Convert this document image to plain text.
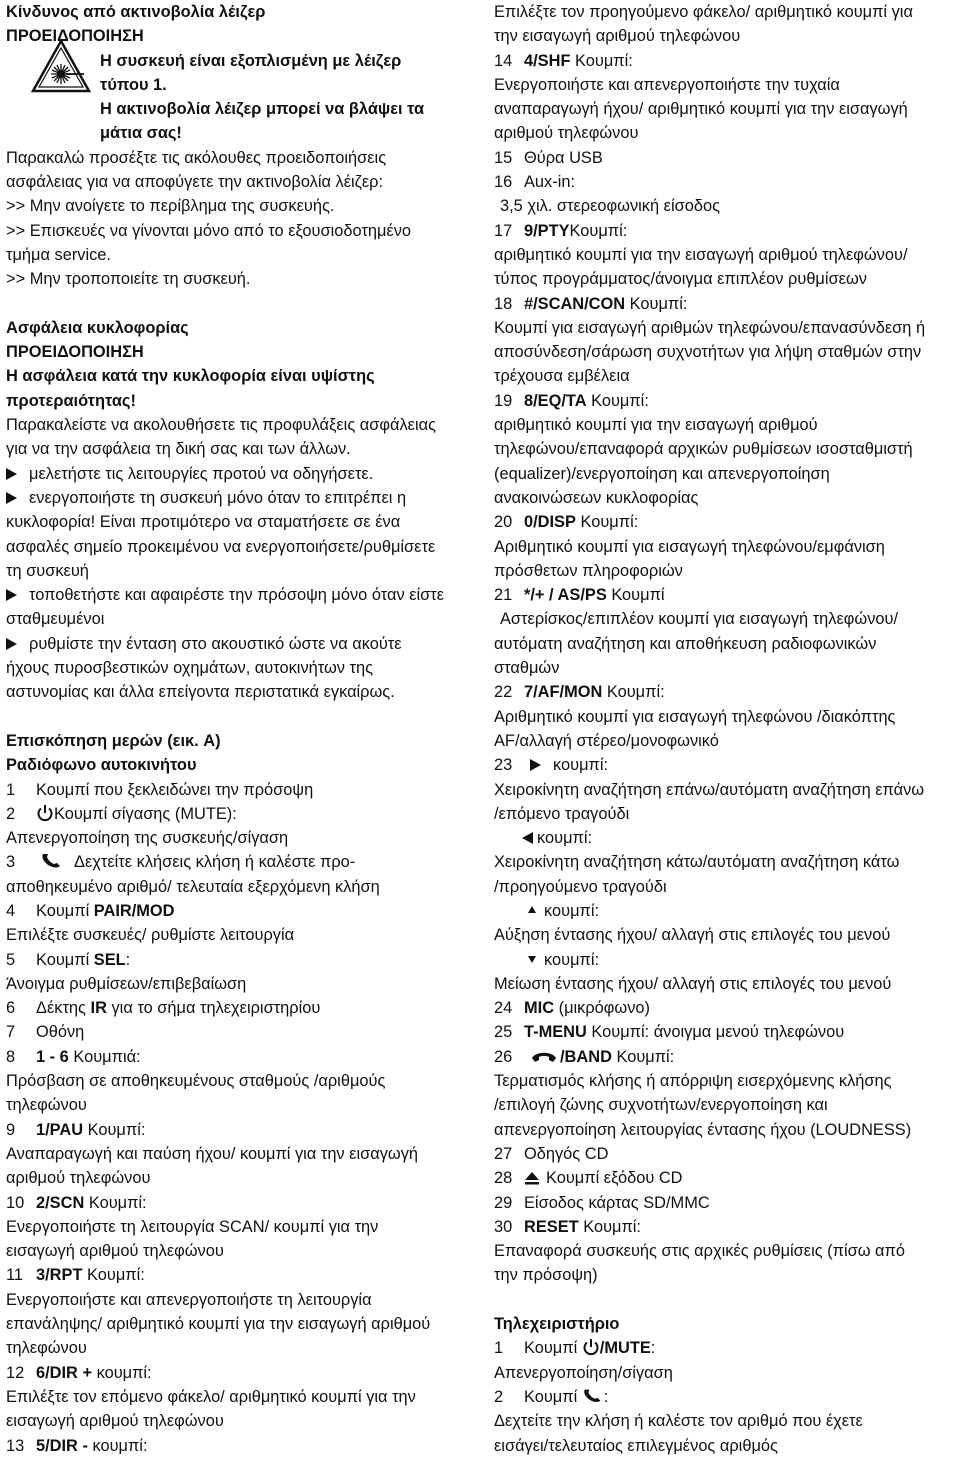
Κίνδυνος από ακτινοβολία λέιζερ
ΠΡΟΕΙΔΟΠΟΙΗΣΗ
Η συσκευή είναι εξοπλισμένη με λέιζερ
τύπου 1.
Η ακτινοβολία λέιζερ μπορεί να βλάψει τα
μάτια σας!
Παρακαλώ προσέξτε τις ακόλουθες προειδοποιήσεις
ασφάλειας για να αποφύγετε την ακτινοβολία λέιζερ:
>> Μην ανοίγετε το περίβλημα της συσκευής.
>> Επισκευές να γίνονται μόνο από το εξουσιοδοτημένο
τμήμα service.
>> Μην τροποποιείτε τη συσκευή.
Ασφάλεια κυκλοφορίας
ΠΡΟΕΙΔΟΠΟΙΗΣΗ
Η ασφάλεια κατά την κυκλοφορία είναι υψίστης
προτεραιότητας!
Παρακαλείστε να ακολουθήσετε τις προφυλάξεις ασφάλειας
για να την ασφάλεια τη δική σας και των άλλων.
μελετήστε τις λειτουργίες προτού να οδηγήσετε.
ενεργοποιήστε τη συσκευή μόνο όταν το επιτρέπει η
κυκλοφορία! Είναι προτιμότερο να σταματήσετε σε ένα
ασφαλές σημείο προκειμένου να ενεργοποιήσετε/ρυθμίσετε
τη συσκευή
τοποθετήστε και αφαιρέστε την πρόσοψη μόνο όταν είστε
σταθμευμένοι
ρυθμίστε την ένταση στο ακουστικό ώστε να ακούτε
ήχους πυροσβεστικών οχημάτων, αυτοκινήτων της
αστυνομίας και άλλα επείγοντα περιστατικά εγκαίρως.
Επισκόπηση μερών (εικ. A)
Ραδιόφωνο αυτοκινήτου
1 Κουμπί που ξεκλειδώνει την πρόσοψη
2 Κουμπί σίγασης (MUTE):
Απενεργοποίηση της συσκευής/σίγαση
3	Δεχτείτε κλήσεις κλήση ή καλέστε προ-
αποθηκευμένο αριθμό/ τελευταία εξερχόμενη κλήση
4 Κουμπί PAIR/MOD
Επιλέξτε συσκευές/ ρυθμίστε λειτουργία
5 Κουμπί SEL:
Άνοιγμα ρυθμίσεων/επιβεβαίωση
6 Δέκτης IR για το σήμα τηλεχειριστηρίου
7 Οθόνη
8 1 - 6 Κουμπιά:
Πρόσβαση σε αποθηκευμένους σταθμούς /αριθμούς
τηλεφώνου
9 1/PAU Κουμπί:
Αναπαραγωγή και παύση ήχου/ κουμπί για την εισαγωγή
αριθμού τηλεφώνου
10 2/SCN Κουμπί:
Ενεργοποιήστε τη λειτουργία SCAN/ κουμπί για την
εισαγωγή αριθμού τηλεφώνου
11 3/RPT Κουμπί:
Ενεργοποιήστε και απενεργοποιήστε τη λειτουργία
επανάληψης/ αριθμητικό κουμπί για την εισαγωγή αριθμού
τηλεφώνου
12 6/DIR + κουμπί:
Επιλέξτε τον επόμενο φάκελο/ αριθμητικό κουμπί για την
εισαγωγή αριθμού τηλεφώνου
13 5/DIR - κουμπί:
Επιλέξτε τον προηγούμενο φάκελο/ αριθμητικό κουμπί για
την εισαγωγή αριθμού τηλεφώνου
14 4/SHF Κουμπί:
Ενεργοποιήστε και απενεργοποιήστε την τυχαία
αναπαραγωγή ήχου/ αριθμητικό κουμπί για την εισαγωγή
αριθμού τηλεφώνου
15 Θύρα USB
16 Aux-in:
3,5 χιλ. στερεοφωνική είσοδος
17 9/PTYΚουμπί:
αριθμητικό κουμπί για την εισαγωγή αριθμού τηλεφώνου/
τύπος προγράμματος/άνοιγμα επιπλέον ρυθμίσεων
18 #/SCAN/CON Κουμπί:
Κουμπί για εισαγωγή αριθμών τηλεφώνου/επανασύνδεση ή
αποσύνδεση/σάρωση συχνοτήτων για λήψη σταθμών στην
τρέχουσα εμβέλεια
19 8/EQ/TA Κουμπί:
αριθμητικό κουμπί για την εισαγωγή αριθμού
τηλεφώνου/επαναφορά αρχικών ρυθμίσεων ισοσταθμιστή
(equalizer)/ενεργοποίηση και απενεργοποίηση
ανακοινώσεων κυκλοφορίας
20 0/DISP Κουμπί:
Αριθμητικό κουμπί για εισαγωγή τηλεφώνου/εμφάνιση
πρόσθετων πληροφοριών
21 */+ / AS/PS Κουμπί
Αστερίσκος/επιπλέον κουμπί για εισαγωγή τηλεφώνου/
αυτόματη αναζήτηση και αποθήκευση ραδιοφωνικών
σταθμών
22 7/AF/MON Κουμπί:
Αριθμητικό κουμπί για εισαγωγή τηλεφώνου /διακόπτης
AF/αλλαγή στέρεο/μονοφωνικό
23 κουμπί:
Χειροκίνητη αναζήτηση επάνω/αυτόματη αναζήτηση επάνω
/επόμενο τραγούδι
κουμπί:
Χειροκίνητη αναζήτηση κάτω/αυτόματη αναζήτηση κάτω
/προηγούμενο τραγούδι
κουμπί:
Αύξηση έντασης ήχου/ αλλαγή στις επιλογές του μενού
κουμπί:
Μείωση έντασης ήχου/ αλλαγή στις επιλογές του μενού
24 MIC (μικρόφωνο)
25 T-MENU Κουμπί: άνοιγμα μενού τηλεφώνου
26	/BAND Κουμπί:
Τερματισμός κλήσης ή απόρριψη εισερχόμενης κλήσης
/επιλογή ζώνης συχνοτήτων/ενεργοποίηση και
απενεργοποίηση λειτουργίας έντασης ήχου (LOUDNESS)
27 Οδηγός CD
28 Κουμπί εξόδου CD
29 Είσοδος κάρτας SD/MMC
30 RESET Κουμπί:
Επαναφορά συσκευής στις αρχικές ρυθμίσεις (πίσω από
την πρόσοψη)
Τηλεχειριστήριο
1 Κουμπί /MUTE:
Απενεργοποίηση/σίγαση
2 Κουμπί :
Δεχτείτε την κλήση ή καλέστε τον αριθμό που έχετε
εισάγει/τελευταίος επιλεγμένος αριθμός
